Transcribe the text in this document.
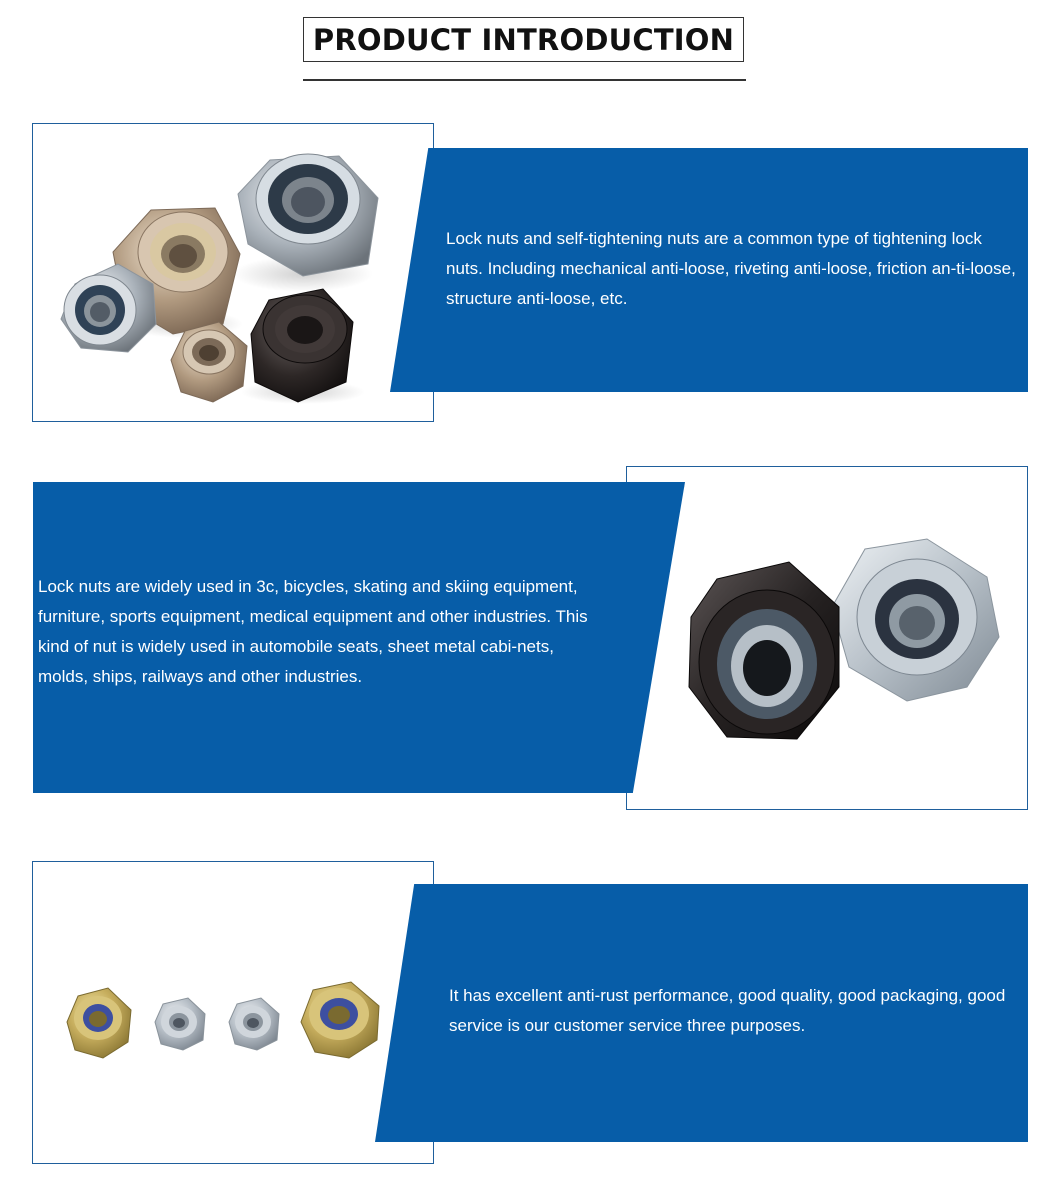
PRODUCT INTRODUCTION
Lock nuts and self-tightening nuts are a common type of tightening lock nuts. Including mechanical anti-loose, riveting anti-loose, friction an-ti-loose, structure anti-loose, etc.
Lock nuts are widely used in 3c, bicycles, skating and skiing equipment, furniture, sports equipment, medical equipment and other industries. This kind of nut is widely used in automobile seats, sheet metal cabi-nets, molds, ships, railways and other industries.
It has excellent anti-rust performance, good quality, good packaging, good service is our customer service three purposes.
